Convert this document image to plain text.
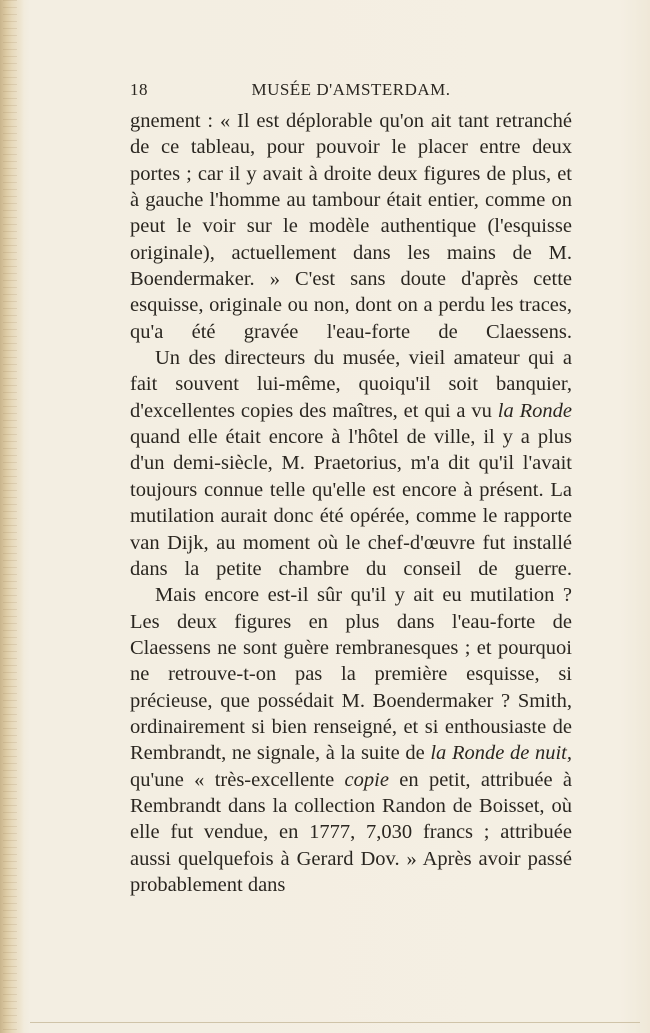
18	MUSÉE D'AMSTERDAM.

gnement : « Il est déplorable qu'on ait tant retranché de ce tableau, pour pouvoir le placer entre deux portes ; car il y avait à droite deux figures de plus, et à gauche l'homme au tambour était entier, comme on peut le voir sur le modèle authentique (l'esquisse originale), actuellement dans les mains de M. Boendermaker. » C'est sans doute d'après cette esquisse, originale ou non, dont on a perdu les traces, qu'a été gravée l'eau-forte de Claessens.

Un des directeurs du musée, vieil amateur qui a fait souvent lui-même, quoiqu'il soit banquier, d'excellentes copies des maîtres, et qui a vu la Ronde quand elle était encore à l'hôtel de ville, il y a plus d'un demi-siècle, M. Praetorius, m'a dit qu'il l'avait toujours connue telle qu'elle est encore à présent. La mutilation aurait donc été opérée, comme le rapporte van Dijk, au moment où le chef-d'œuvre fut installé dans la petite chambre du conseil de guerre.

Mais encore est-il sûr qu'il y ait eu mutilation ? Les deux figures en plus dans l'eau-forte de Claessens ne sont guère rembranesques ; et pourquoi ne retrouve-t-on pas la première esquisse, si précieuse, que possédait M. Boendermaker ? Smith, ordinairement si bien renseigné, et si enthousiaste de Rembrandt, ne signale, à la suite de la Ronde de nuit, qu'une « très-excellente copie en petit, attribuée à Rembrandt dans la collection Randon de Boisset, où elle fut vendue, en 1777, 7,030 francs ; attribuée aussi quelquefois à Gerard Dov. » Après avoir passé probablement dans
